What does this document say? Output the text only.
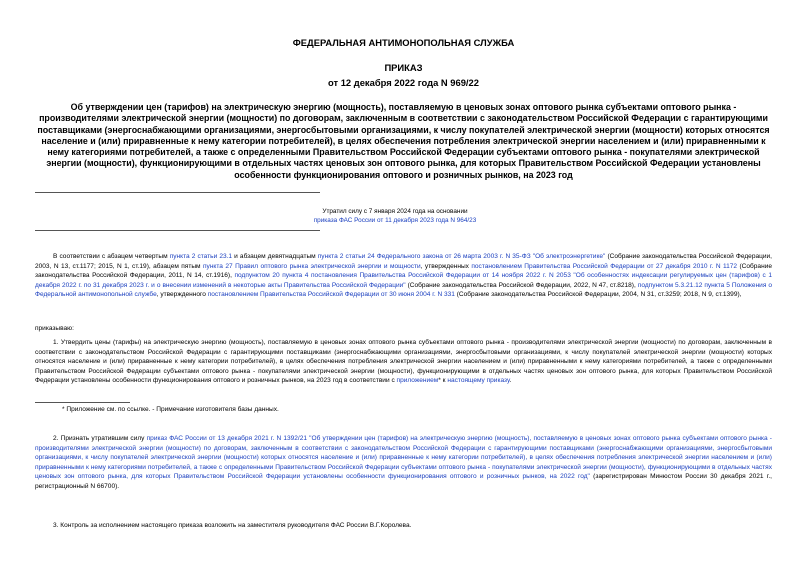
ФЕДЕРАЛЬНАЯ АНТИМОНОПОЛЬНАЯ СЛУЖБА
ПРИКАЗ
от 12 декабря 2022 года N 969/22
Об утверждении цен (тарифов) на электрическую энергию (мощность), поставляемую в ценовых зонах оптового рынка субъектами оптового рынка - производителями электрической энергии (мощности) по договорам, заключенным в соответствии с законодательством Российской Федерации с гарантирующими поставщиками (энергоснабжающими организациями, энергосбытовыми организациями, к числу покупателей электрической энергии (мощности) которых относятся население и (или) приравненные к нему категории потребителей), в целях обеспечения потребления электрической энергии населением и (или) приравненными к нему категориями потребителей, а также с определенными Правительством Российской Федерации субъектами оптового рынка - покупателями электрической энергии (мощности), функционирующими в отдельных частях ценовых зон оптового рынка, для которых Правительством Российской Федерации установлены особенности функционирования оптового и розничных рынков, на 2023 год
Утратил силу с 7 января 2024 года на основании
приказа ФАС России от 11 декабря 2023 года N 964/23
В соответствии с абзацем четвертым пункта 2 статьи 23.1 и абзацем девятнадцатым пункта 2 статьи 24 Федерального закона от 26 марта 2003 г. N 35-ФЗ "Об электроэнергетике" (Собрание законодательства Российской Федерации, 2003, N 13, ст.1177; 2015, N 1, ст.19), абзацем пятым пункта 27 Правил оптового рынка электрической энергии и мощности, утвержденных постановлением Правительства Российской Федерации от 27 декабря 2010 г. N 1172 (Собрание законодательства Российской Федерации, 2011, N 14, ст.1916), подпунктом 20 пункта 4 постановления Правительства Российской Федерации от 14 ноября 2022 г. N 2053 "Об особенностях индексации регулируемых цен (тарифов) с 1 декабря 2022 г. по 31 декабря 2023 г. и о внесении изменений в некоторые акты Правительства Российской Федерации" (Собрание законодательства Российской Федерации, 2022, N 47, ст.8218), подпунктом 5.3.21.12 пункта 5 Положения о Федеральной антимонопольной службе, утвержденного постановлением Правительства Российской Федерации от 30 июня 2004 г. N 331 (Собрание законодательства Российской Федерации, 2004, N 31, ст.3259; 2018, N 9, ст.1399),
приказываю:
1. Утвердить цены (тарифы) на электрическую энергию (мощность), поставляемую в ценовых зонах оптового рынка субъектами оптового рынка - производителями электрической энергии (мощности) по договорам, заключенным в соответствии с законодательством Российской Федерации с гарантирующими поставщиками (энергоснабжающими организациями, энергосбытовыми организациями, к числу покупателей электрической энергии (мощности) которых относятся население и (или) приравненные к нему категории потребителей), в целях обеспечения потребления электрической энергии населением и (или) приравненными к нему категориями потребителей, а также с определенными Правительством Российской Федерации субъектами оптового рынка - покупателями электрической энергии (мощности), функционирующими в отдельных частях ценовых зон оптового рынка, для которых Правительством Российской Федерации установлены особенности функционирования оптового и розничных рынков, на 2023 год в соответствии с приложением* к настоящему приказу.
* Приложение см. по ссылке. - Примечание изготовителя базы данных.
2. Признать утратившим силу приказ ФАС России от 13 декабря 2021 г. N 1392/21 "Об утверждении цен (тарифов) на электрическую энергию (мощность), поставляемую в ценовых зонах оптового рынка субъектами оптового рынка - производителями электрической энергии (мощности) по договорам, заключенным в соответствии с законодательством Российской Федерации с гарантирующими поставщиками (энергоснабжающими организациями, энергосбытовыми организациями, к числу покупателей электрической энергии (мощности) которых относятся население и (или) приравненные к нему категории потребителей), в целях обеспечения потребления электрической энергии населением и (или) приравненными к нему категориями потребителей, а также с определенными Правительством Российской Федерации субъектами оптового рынка - покупателями электрической энергии (мощности), функционирующими в отдельных частях ценовых зон оптового рынка, для которых Правительством Российской Федерации установлены особенности функционирования оптового и розничных рынков, на 2022 год" (зарегистрирован Минюстом России 30 декабря 2021 г., регистрационный N 66700).
3. Контроль за исполнением настоящего приказа возложить на заместителя руководителя ФАС России В.Г.Королева.
